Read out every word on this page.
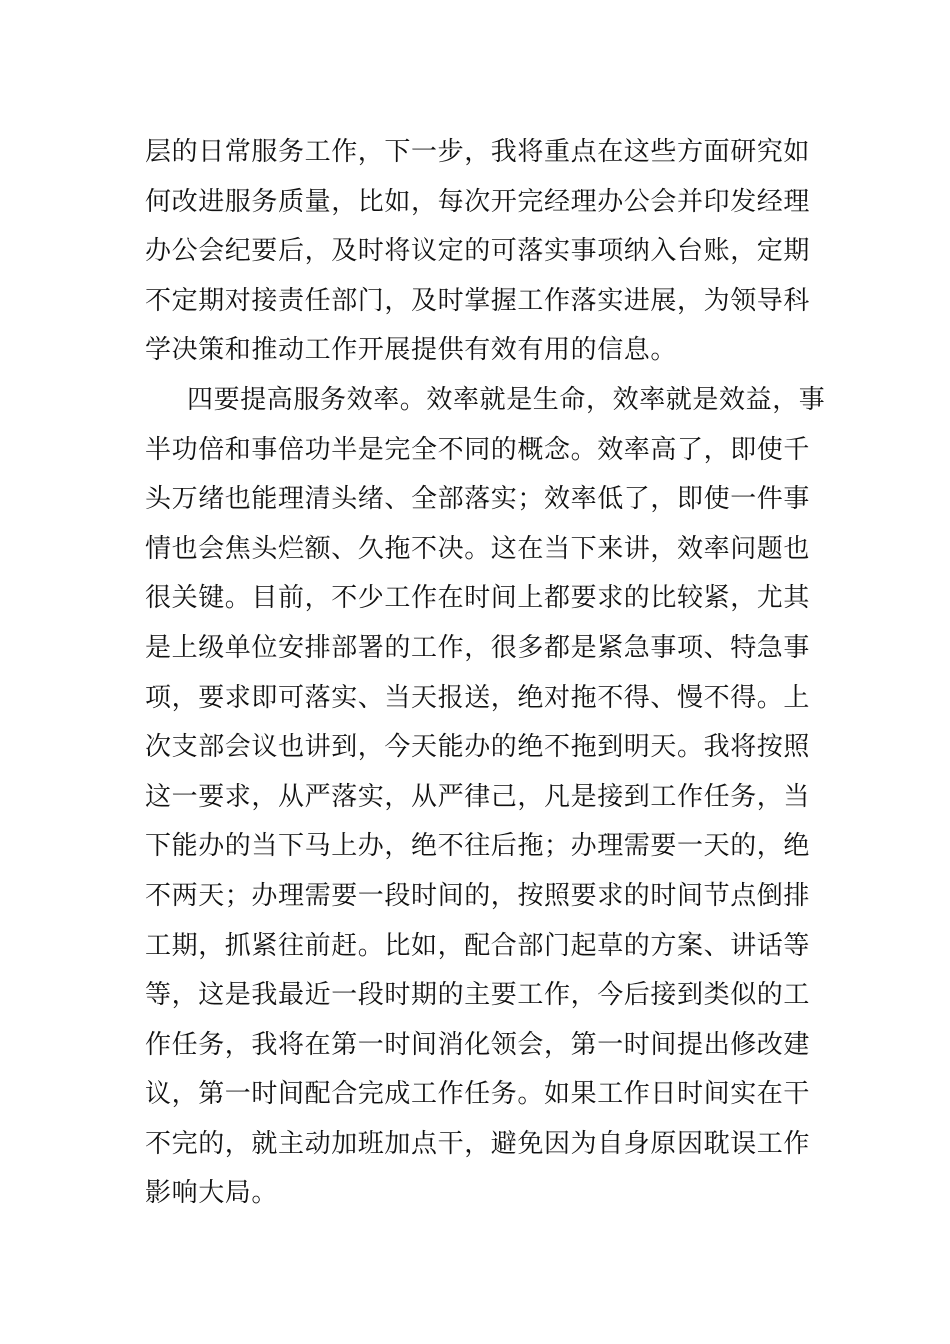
层的日常服务工作，下一步，我将重点在这些方面研究如
何改进服务质量，比如，每次开完经理办公会并印发经理
办公会纪要后，及时将议定的可落实事项纳入台账，定期
不定期对接责任部门，及时掌握工作落实进展，为领导科
学决策和推动工作开展提供有效有用的信息。
四要提高服务效率。效率就是生命，效率就是效益，事
半功倍和事倍功半是完全不同的概念。效率高了，即使千
头万绪也能理清头绪、全部落实；效率低了，即使一件事
情也会焦头烂额、久拖不决。这在当下来讲，效率问题也
很关键。目前，不少工作在时间上都要求的比较紧，尤其
是上级单位安排部署的工作，很多都是紧急事项、特急事
项，要求即可落实、当天报送，绝对拖不得、慢不得。上
次支部会议也讲到，今天能办的绝不拖到明天。我将按照
这一要求，从严落实，从严律己，凡是接到工作任务，当
下能办的当下马上办，绝不往后拖；办理需要一天的，绝
不两天；办理需要一段时间的，按照要求的时间节点倒排
工期，抓紧往前赶。比如，配合部门起草的方案、讲话等
等，这是我最近一段时期的主要工作，今后接到类似的工
作任务，我将在第一时间消化领会，第一时间提出修改建
议，第一时间配合完成工作任务。如果工作日时间实在干
不完的，就主动加班加点干，避免因为自身原因耽误工作
影响大局。
